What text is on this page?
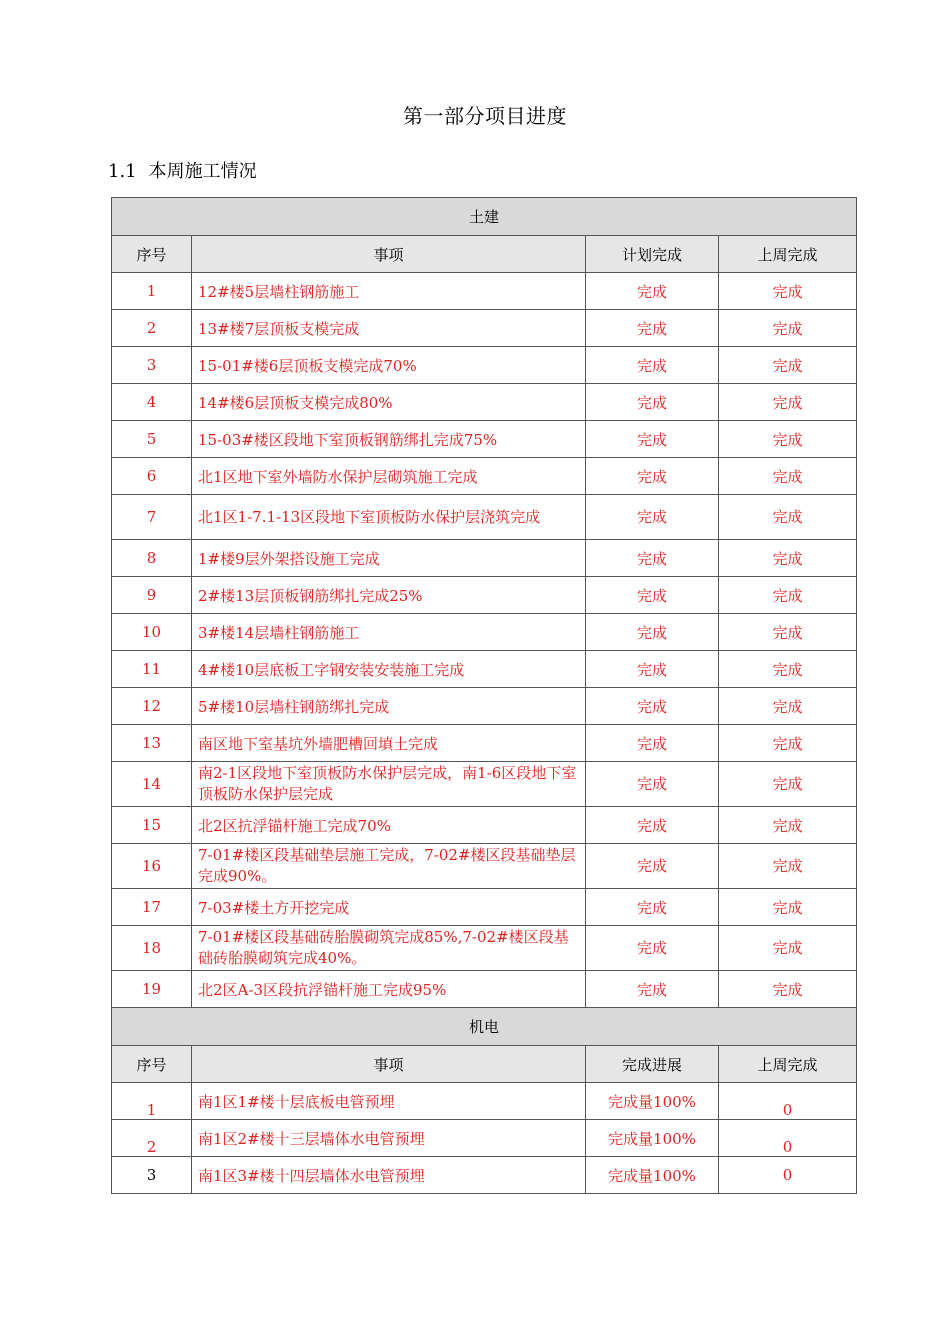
第一部分项目进度
1.1 本周施工情况
土建			
序号	事项	计划完成	上周完成
1	12#楼5层墙柱钢筋施工	完成	完成
2	13#楼7层顶板支模完成	完成	完成
3	15-01#楼6层顶板支模完成70%	完成	完成
4	14#楼6层顶板支模完成80%	完成	完成
5	15-03#楼区段地下室顶板钢筋绑扎完成75%	完成	完成
6	北1区地下室外墙防水保护层砌筑施工完成	完成	完成
7	北1区1-7.1-13区段地下室顶板防水保护层浇筑完成	完成	完成
8	1#楼9层外架搭设施工完成	完成	完成
9	2#楼13层顶板钢筋绑扎完成25%	完成	完成
10	3#楼14层墙柱钢筋施工	完成	完成
11	4#楼10层底板工字钢安装安装施工完成	完成	完成
12	5#楼10层墙柱钢筋绑扎完成	完成	完成
13	南区地下室基坑外墙肥槽回填土完成	完成	完成
14	南2-1区段地下室顶板防水保护层完成，南1-6区段地下室顶板防水保护层完成	完成	完成
15	北2区抗浮锚杆施工完成70%	完成	完成
16	7-01#楼区段基础垫层施工完成，7-02#楼区段基础垫层完成90%。	完成	完成
17	7-03#楼土方开挖完成	完成	完成
18	7-01#楼区段基础砖胎膜砌筑完成85%,7-02#楼区段基础砖胎膜砌筑完成40%。	完成	完成
19	北2区A-3区段抗浮锚杆施工完成95%	完成	完成
机电			
序号	事项	完成进展	上周完成
1	南1区1#楼十层底板电管预埋	完成量100%	0
2	南1区2#楼十三层墙体水电管预埋	完成量100%	0
3	南1区3#楼十四层墙体水电管预埋	完成量100%	0
